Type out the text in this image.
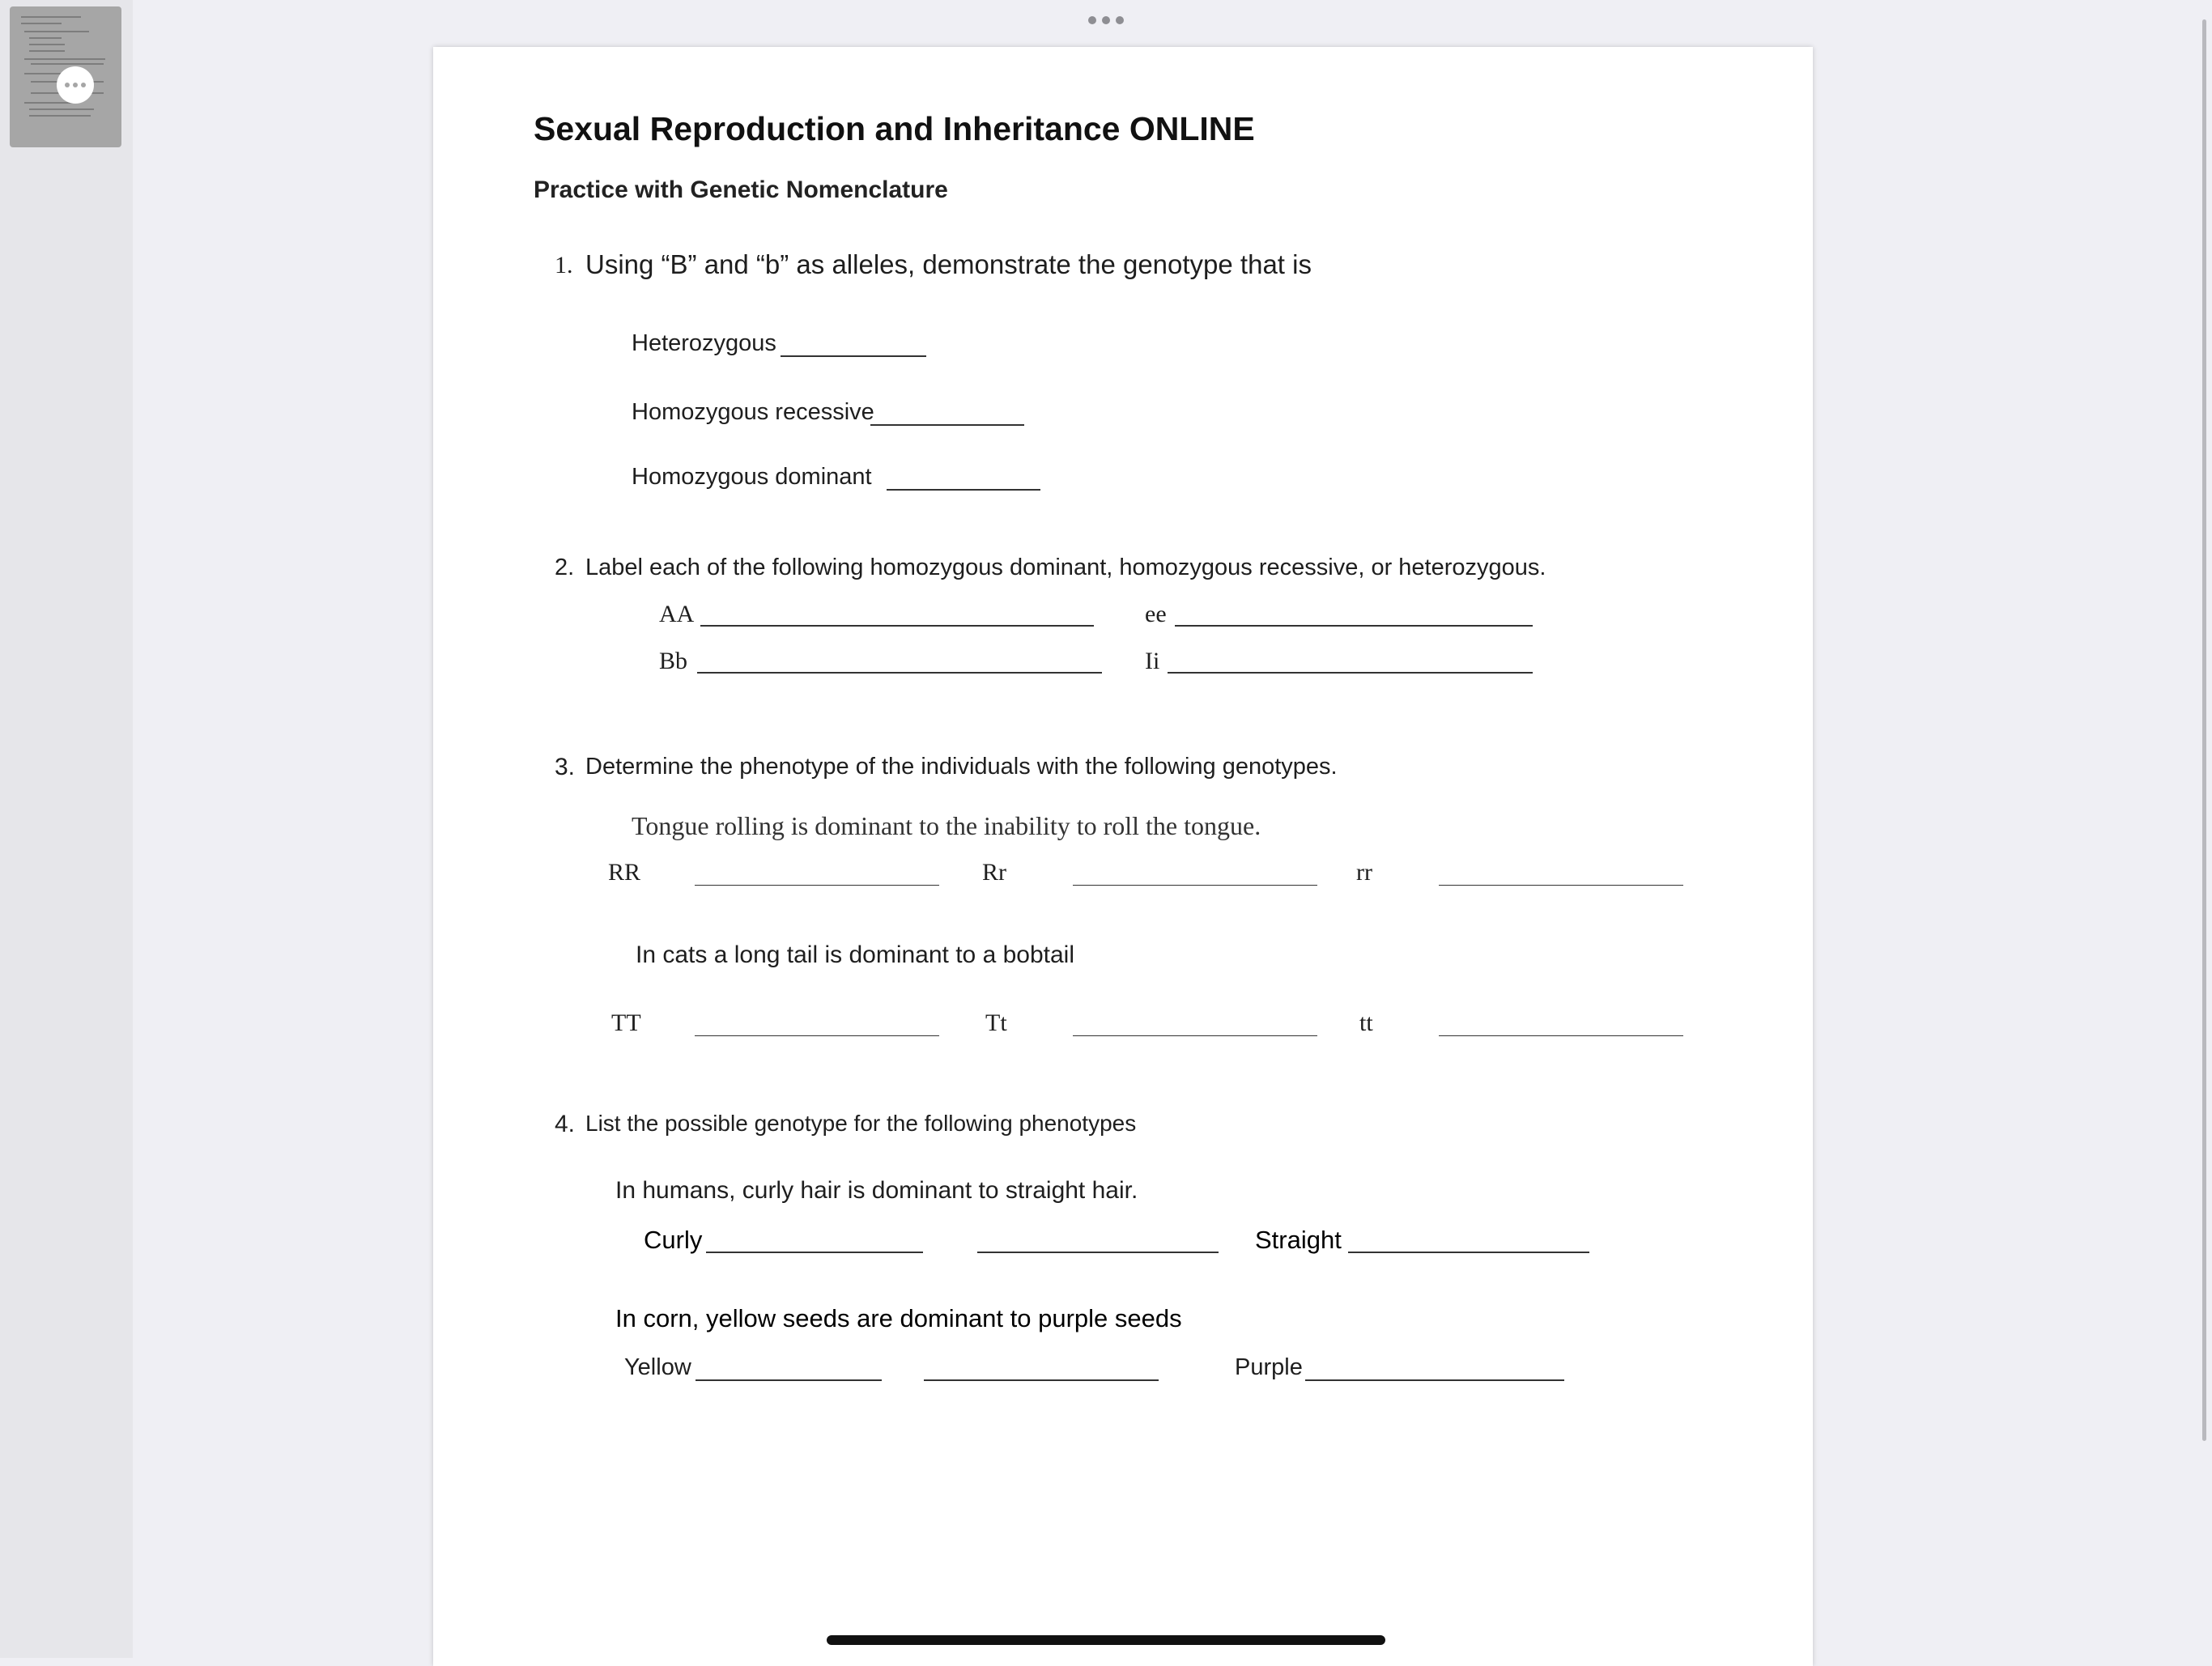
Sexual Reproduction and Inheritance ONLINE
Practice with Genetic Nomenclature
1. Using “B” and “b” as alleles, demonstrate the genotype that is
Heterozygous
Homozygous recessive
Homozygous dominant
2. Label each of the following homozygous dominant, homozygous recessive, or heterozygous.
AA	ee
Bb	Ii
3. Determine the phenotype of the individuals with the following genotypes.
Tongue rolling is dominant to the inability to roll the tongue.
RR	Rr	rr
In cats a long tail is dominant to a bobtail
TT	Tt	tt
4. List the possible genotype for the following phenotypes
In humans, curly hair is dominant to straight hair.
Curly	Straight
In corn, yellow seeds are dominant to purple seeds
Yellow	Purple
